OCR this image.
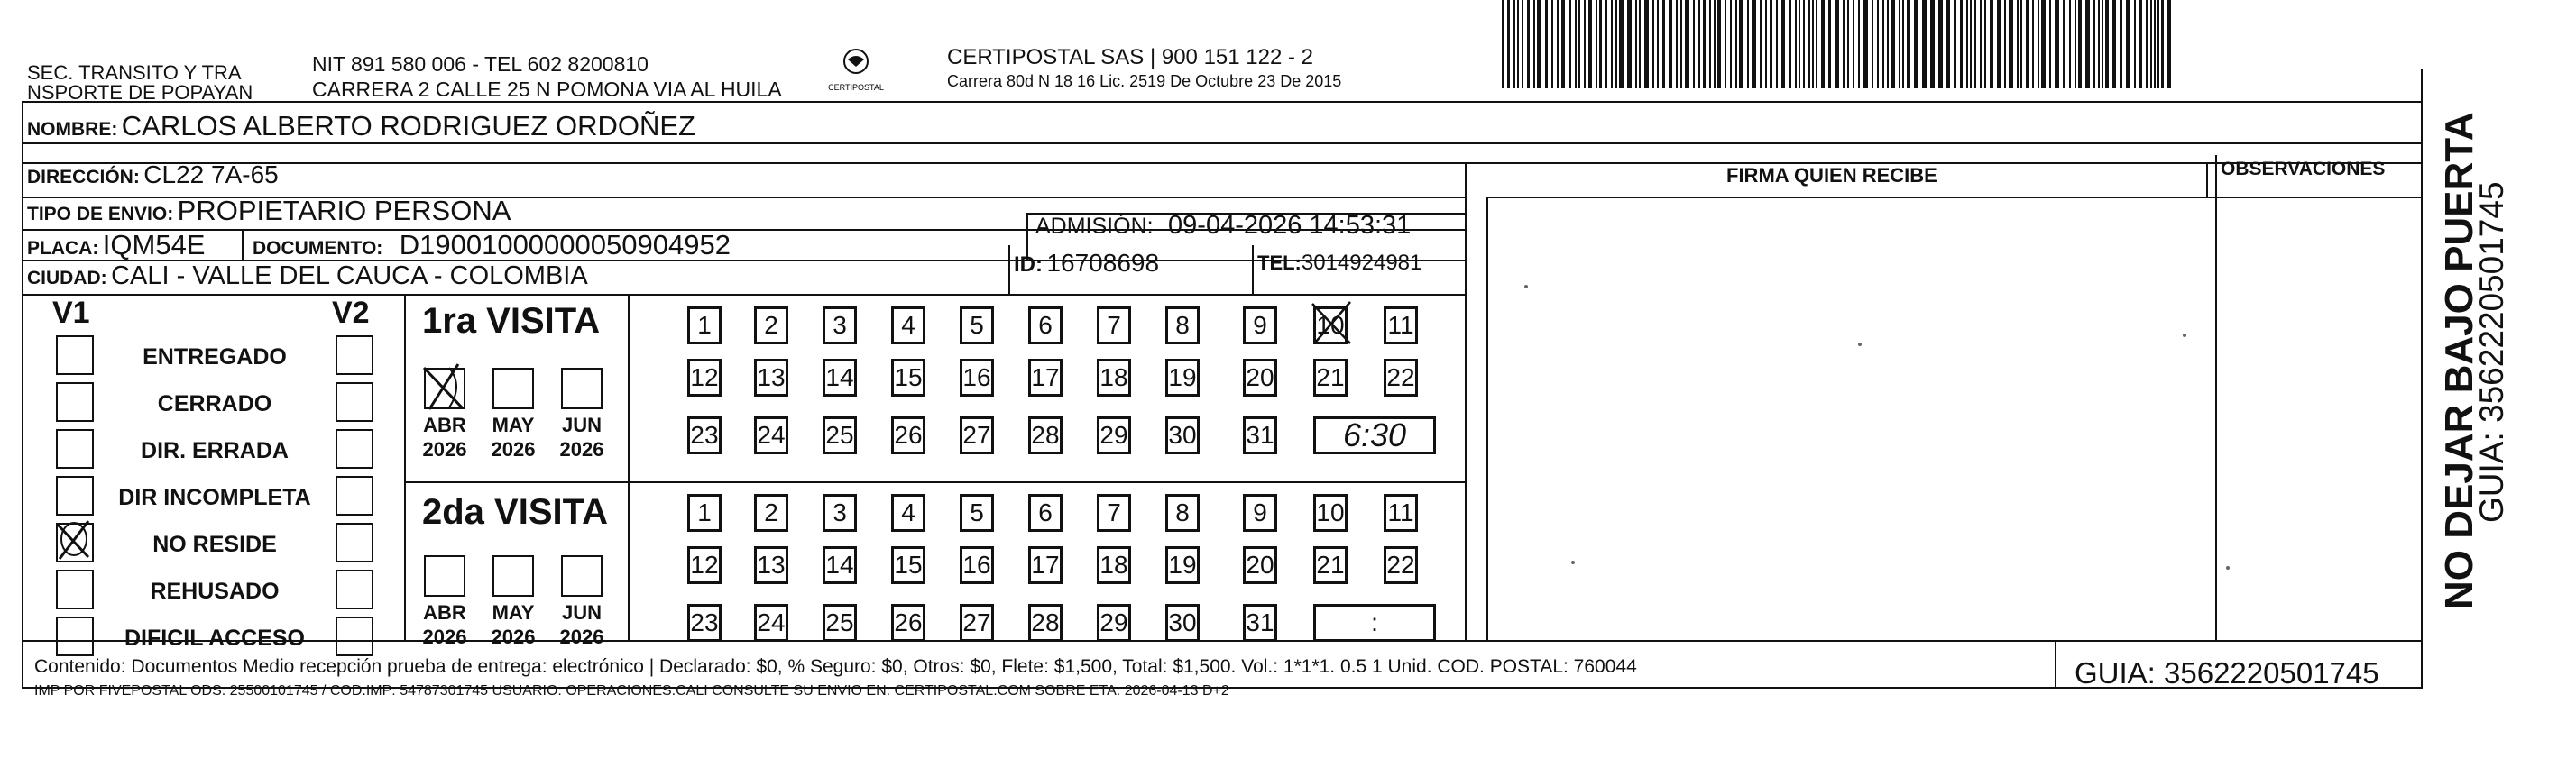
SEC. TRANSITO Y TRA
NSPORTE DE POPAYAN
NIT 891 580 006 - TEL 602 8200810
CARRERA 2 CALLE 25 N POMONA VIA AL HUILA	CERTIPOSTAL
CERTIPOSTAL SAS | 900 151 122 - 2
Carrera 80d N 18 16 Lic. 2519 De Octubre 23 De 2015
NOMBRE: CARLOS ALBERTO RODRIGUEZ ORDOÑEZ
DIRECCIÓN: CL22 7A-65
TIPO DE ENVIO: PROPIETARIO PERSONA
PLACA: IQM54E	DOCUMENTO: D19001000000050904952
ADMISIÓN: 09-04-2026 14:53:31
CIUDAD: CALI - VALLE DEL CAUCA - COLOMBIA	ID: 16708698	TEL:3014924981
FIRMA QUIEN RECIBE	OBSERVACIONES
V1	V2
ENTREGADO
CERRADO
DIR. ERRADA
DIR INCOMPLETA
NO RESIDE
REHUSADO
DIFICIL ACCESO
1ra VISITA
2da VISITA
ABR
2026
MAY
2026
JUN
2026
1 2 3 4 5 6 7 8	9 10 11
12 13 14 15 16 17 18 19 20 21 22
23 24 25 26 27 28 29 30 31 6:30
ABR
2026
MAY
2026
JUN
2026
1 2 3 4 5 6 7 8	9 10 11
12 13 14 15 16 17 18 19 20 21 22
23 24 25 26 27 28 29 30 31	:
Contenido: Documentos Medio recepción prueba de entrega: electrónico | Declarado: $0, % Seguro: $0, Otros: $0, Flete: $1,500, Total: $1,500. Vol.: 1*1*1. 0.5 1 Unid. COD. POSTAL: 760044
IMP POR FIVEPOSTAL ODS: 25500101745 / COD.IMP: 54787301745 USUARIO: OPERACIONES.CALI CONSULTE SU ENVIO EN: CERTIPOSTAL.COM SOBRE ETA: 2026-04-13 D+2
GUIA: 3562220501745
NO DEJAR BAJO PUERTA
GUIA: 3562220501745
